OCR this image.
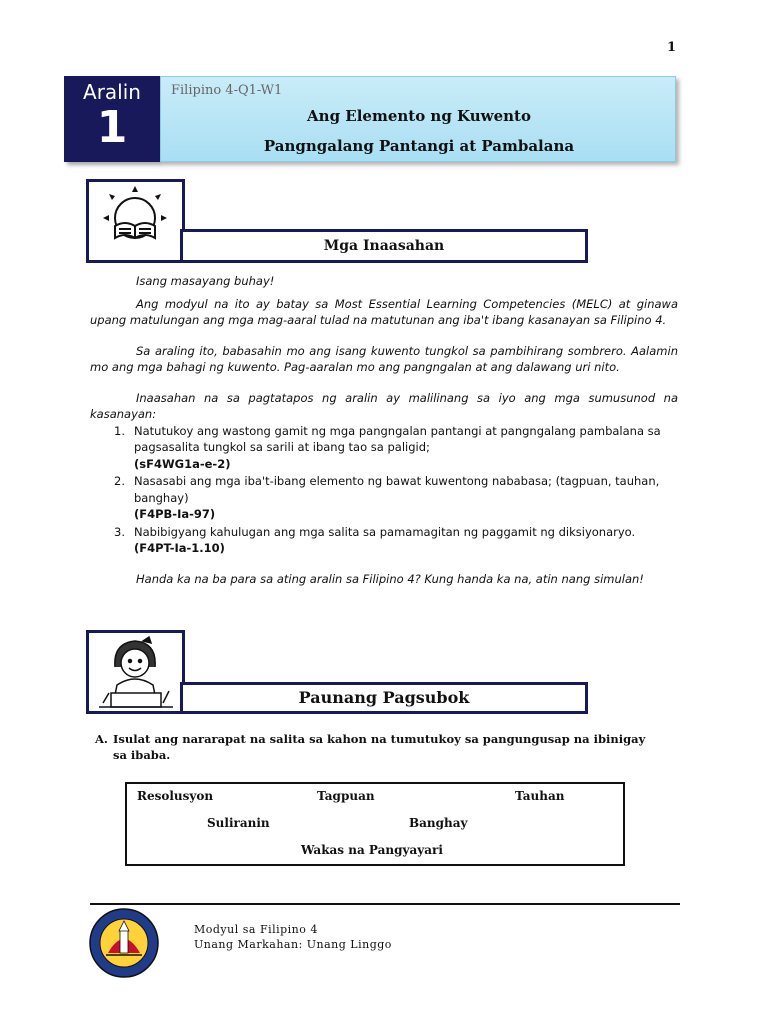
1
Aralin
1
Filipino 4-Q1-W1
Ang Elemento ng Kuwento
Pangngalang Pantangi at Pambalana
Mga Inaasahan

Isang masayang buhay!

Ang modyul na ito ay batay sa Most Essential Learning Competencies (MELC) at ginawa upang matulungan ang mga mag-aaral tulad na matutunan ang iba't ibang kasanayan sa Filipino 4.

Sa araling ito, babasahin mo ang isang kuwento tungkol sa pambihirang sombrero. Aalamin mo ang mga bahagi ng kuwento. Pag-aaralan mo ang pangngalan at ang dalawang uri nito.

Inaasahan na sa pagtatapos ng aralin ay malilinang sa iyo ang mga sumusunod na kasanayan:

1. Natutukoy ang wastong gamit ng mga pangngalan pantangi at pangngalang pambalana sa pagsasalita tungkol sa sarili at ibang tao sa paligid;
(sF4WG1a-e-2)
2. Nasasabi ang mga iba't-ibang elemento ng bawat kuwentong nababasa; (tagpuan, tauhan, banghay)
(F4PB-Ia-97)
3. Nabibigyang kahulugan ang mga salita sa pamamagitan ng paggamit ng diksiyonaryo. (F4PT-Ia-1.10)

Handa ka na ba para sa ating aralin sa Filipino 4? Kung handa ka na, atin nang simulan!

Paunang Pagsubok
A. Isulat ang nararapat na salita sa kahon na tumutukoy sa pangungusap na ibinigay sa ibaba.
Resolusyon	Tagpuan	Tauhan
Suliranin	Banghay
Wakas na Pangyayari
Modyul sa Filipino 4
Unang Markahan: Unang Linggo
